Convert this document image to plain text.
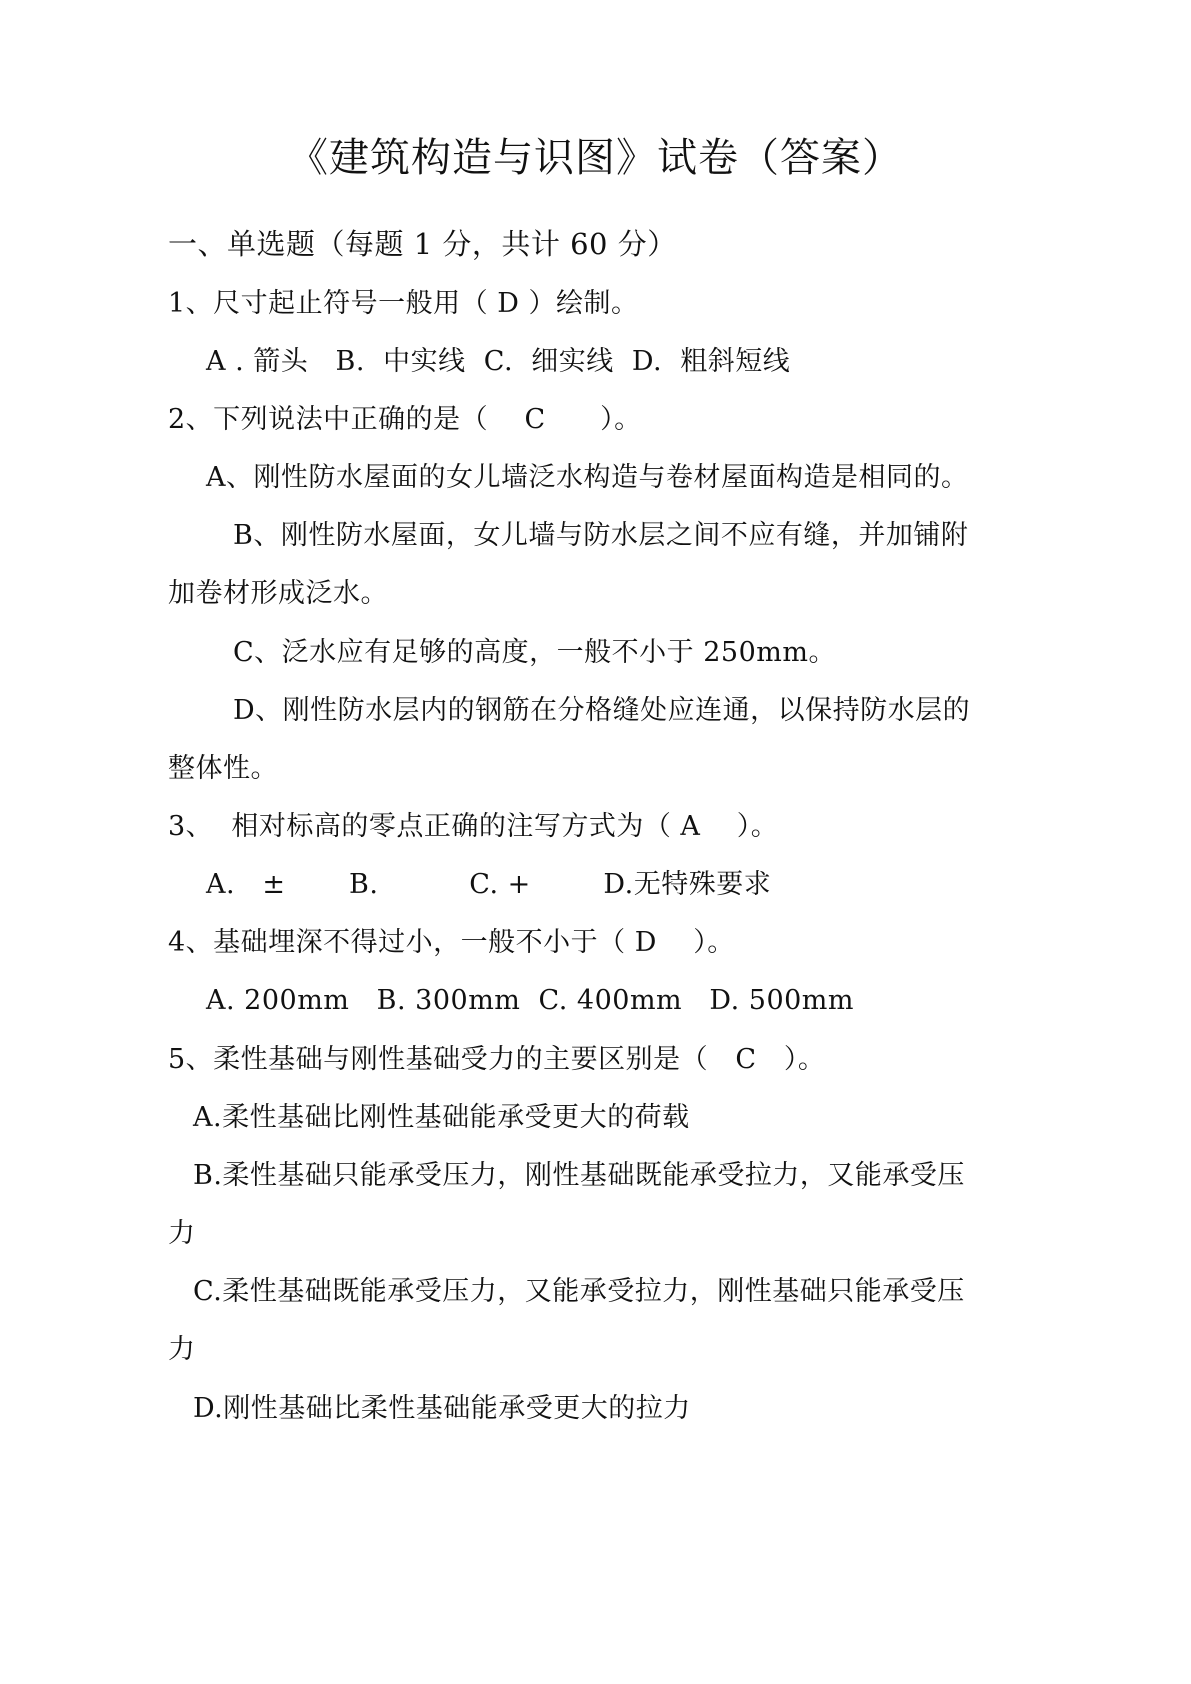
《建筑构造与识图》试卷（答案）
一、单选题（每题 1 分，共计 60 分）
1、尺寸起止符号一般用（ D ）绘制。
A . 箭头   B.  中实线  C.  细实线  D.  粗斜短线
2、下列说法中正确的是（    C      ）。
A、刚性防水屋面的女儿墙泛水构造与卷材屋面构造是相同的。
B、刚性防水屋面，女儿墙与防水层之间不应有缝，并加铺附
加卷材形成泛水。
C、泛水应有足够的高度，一般不小于 250mm。
D、刚性防水层内的钢筋在分格缝处应连通，以保持防水层的
整体性。
3、  相对标高的零点正确的注写方式为（ A    ）。
A.   ±       B.          C. +        D.无特殊要求
4、基础埋深不得过小，一般不小于（ D    ）。
A. 200mm   B. 300mm  C. 400mm   D. 500mm
5、柔性基础与刚性基础受力的主要区别是（   C   ）。
A.柔性基础比刚性基础能承受更大的荷载
B.柔性基础只能承受压力，刚性基础既能承受拉力，又能承受压
力
C.柔性基础既能承受压力，又能承受拉力，刚性基础只能承受压
力
D.刚性基础比柔性基础能承受更大的拉力
